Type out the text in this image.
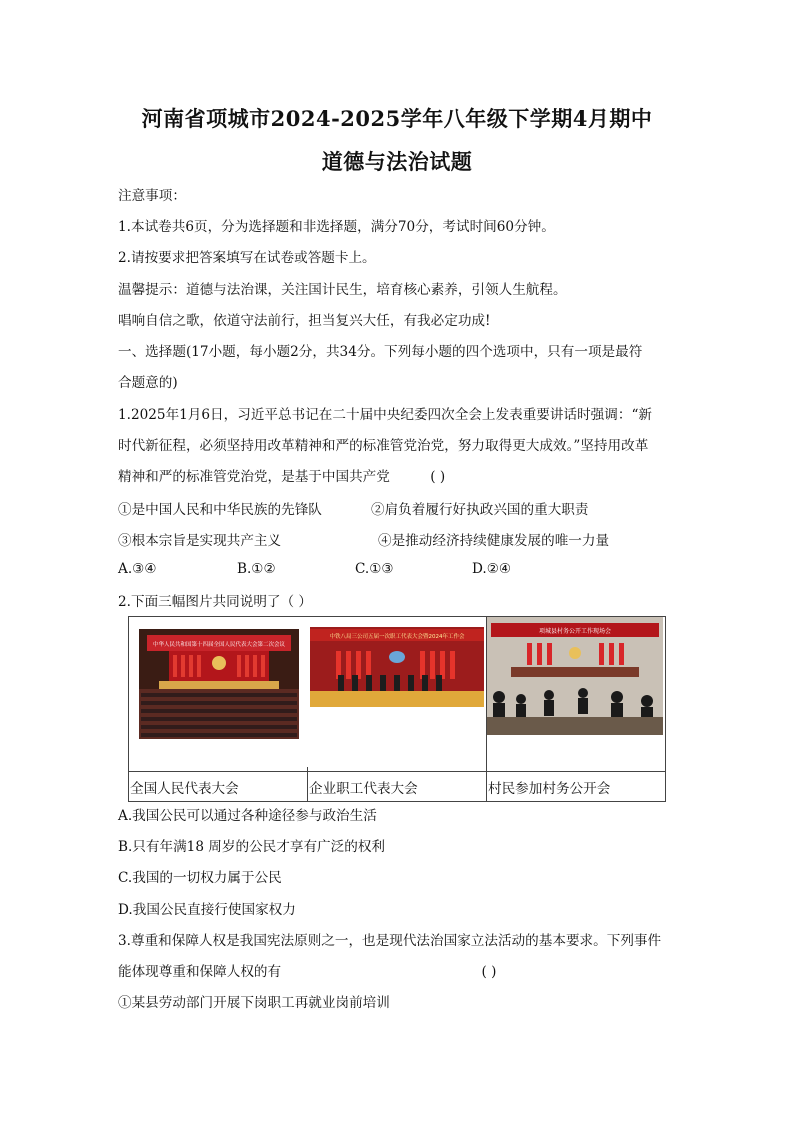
河南省项城市2024-2025学年八年级下学期4月期中
道德与法治试题
注意事项：
1.本试卷共6页，分为选择题和非选择题，满分70分，考试时间60分钟。
2.请按要求把答案填写在试卷或答题卡上。
温馨提示：道德与法治课，关注国计民生，培育核心素养，引领人生航程。
唱响自信之歌，依道守法前行，担当复兴大任，有我必定功成!
一、选择题(17小题，每小题2分，共34分。下列每小题的四个选项中，只有一项是最符
合题意的)
1.2025年1月6日，习近平总书记在二十届中央纪委四次全会上发表重要讲话时强调：“新
时代新征程，必须坚持用改革精神和严的标准管党治党，努力取得更大成效。”坚持用改革
精神和严的标准管党治党，是基于中国共产党	( )
①是中国人民和中华民族的先锋队	②肩负着履行好执政兴国的重大职责
③根本宗旨是实现共产主义	④是推动经济持续健康发展的唯一力量
A.③④	B.①②	C.①③	D.②④
2.下面三幅图片共同说明了（ ）
中华人民共和国第十四届全国人民代表大会第二次会议	中铁八局三公司五届一次职工代表大会暨2024年工作会	项城县村务公开工作现场会

全国人民代表大会	企业职工代表大会	村民参加村务公开会
A.我国公民可以通过各种途径参与政治生活
B.只有年满18 周岁的公民才享有广泛的权利
C.我国的一切权力属于公民
D.我国公民直接行使国家权力
3.尊重和保障人权是我国宪法原则之一，也是现代法治国家立法活动的基本要求。下列事件
能体现尊重和保障人权的有	( )
①某县劳动部门开展下岗职工再就业岗前培训
